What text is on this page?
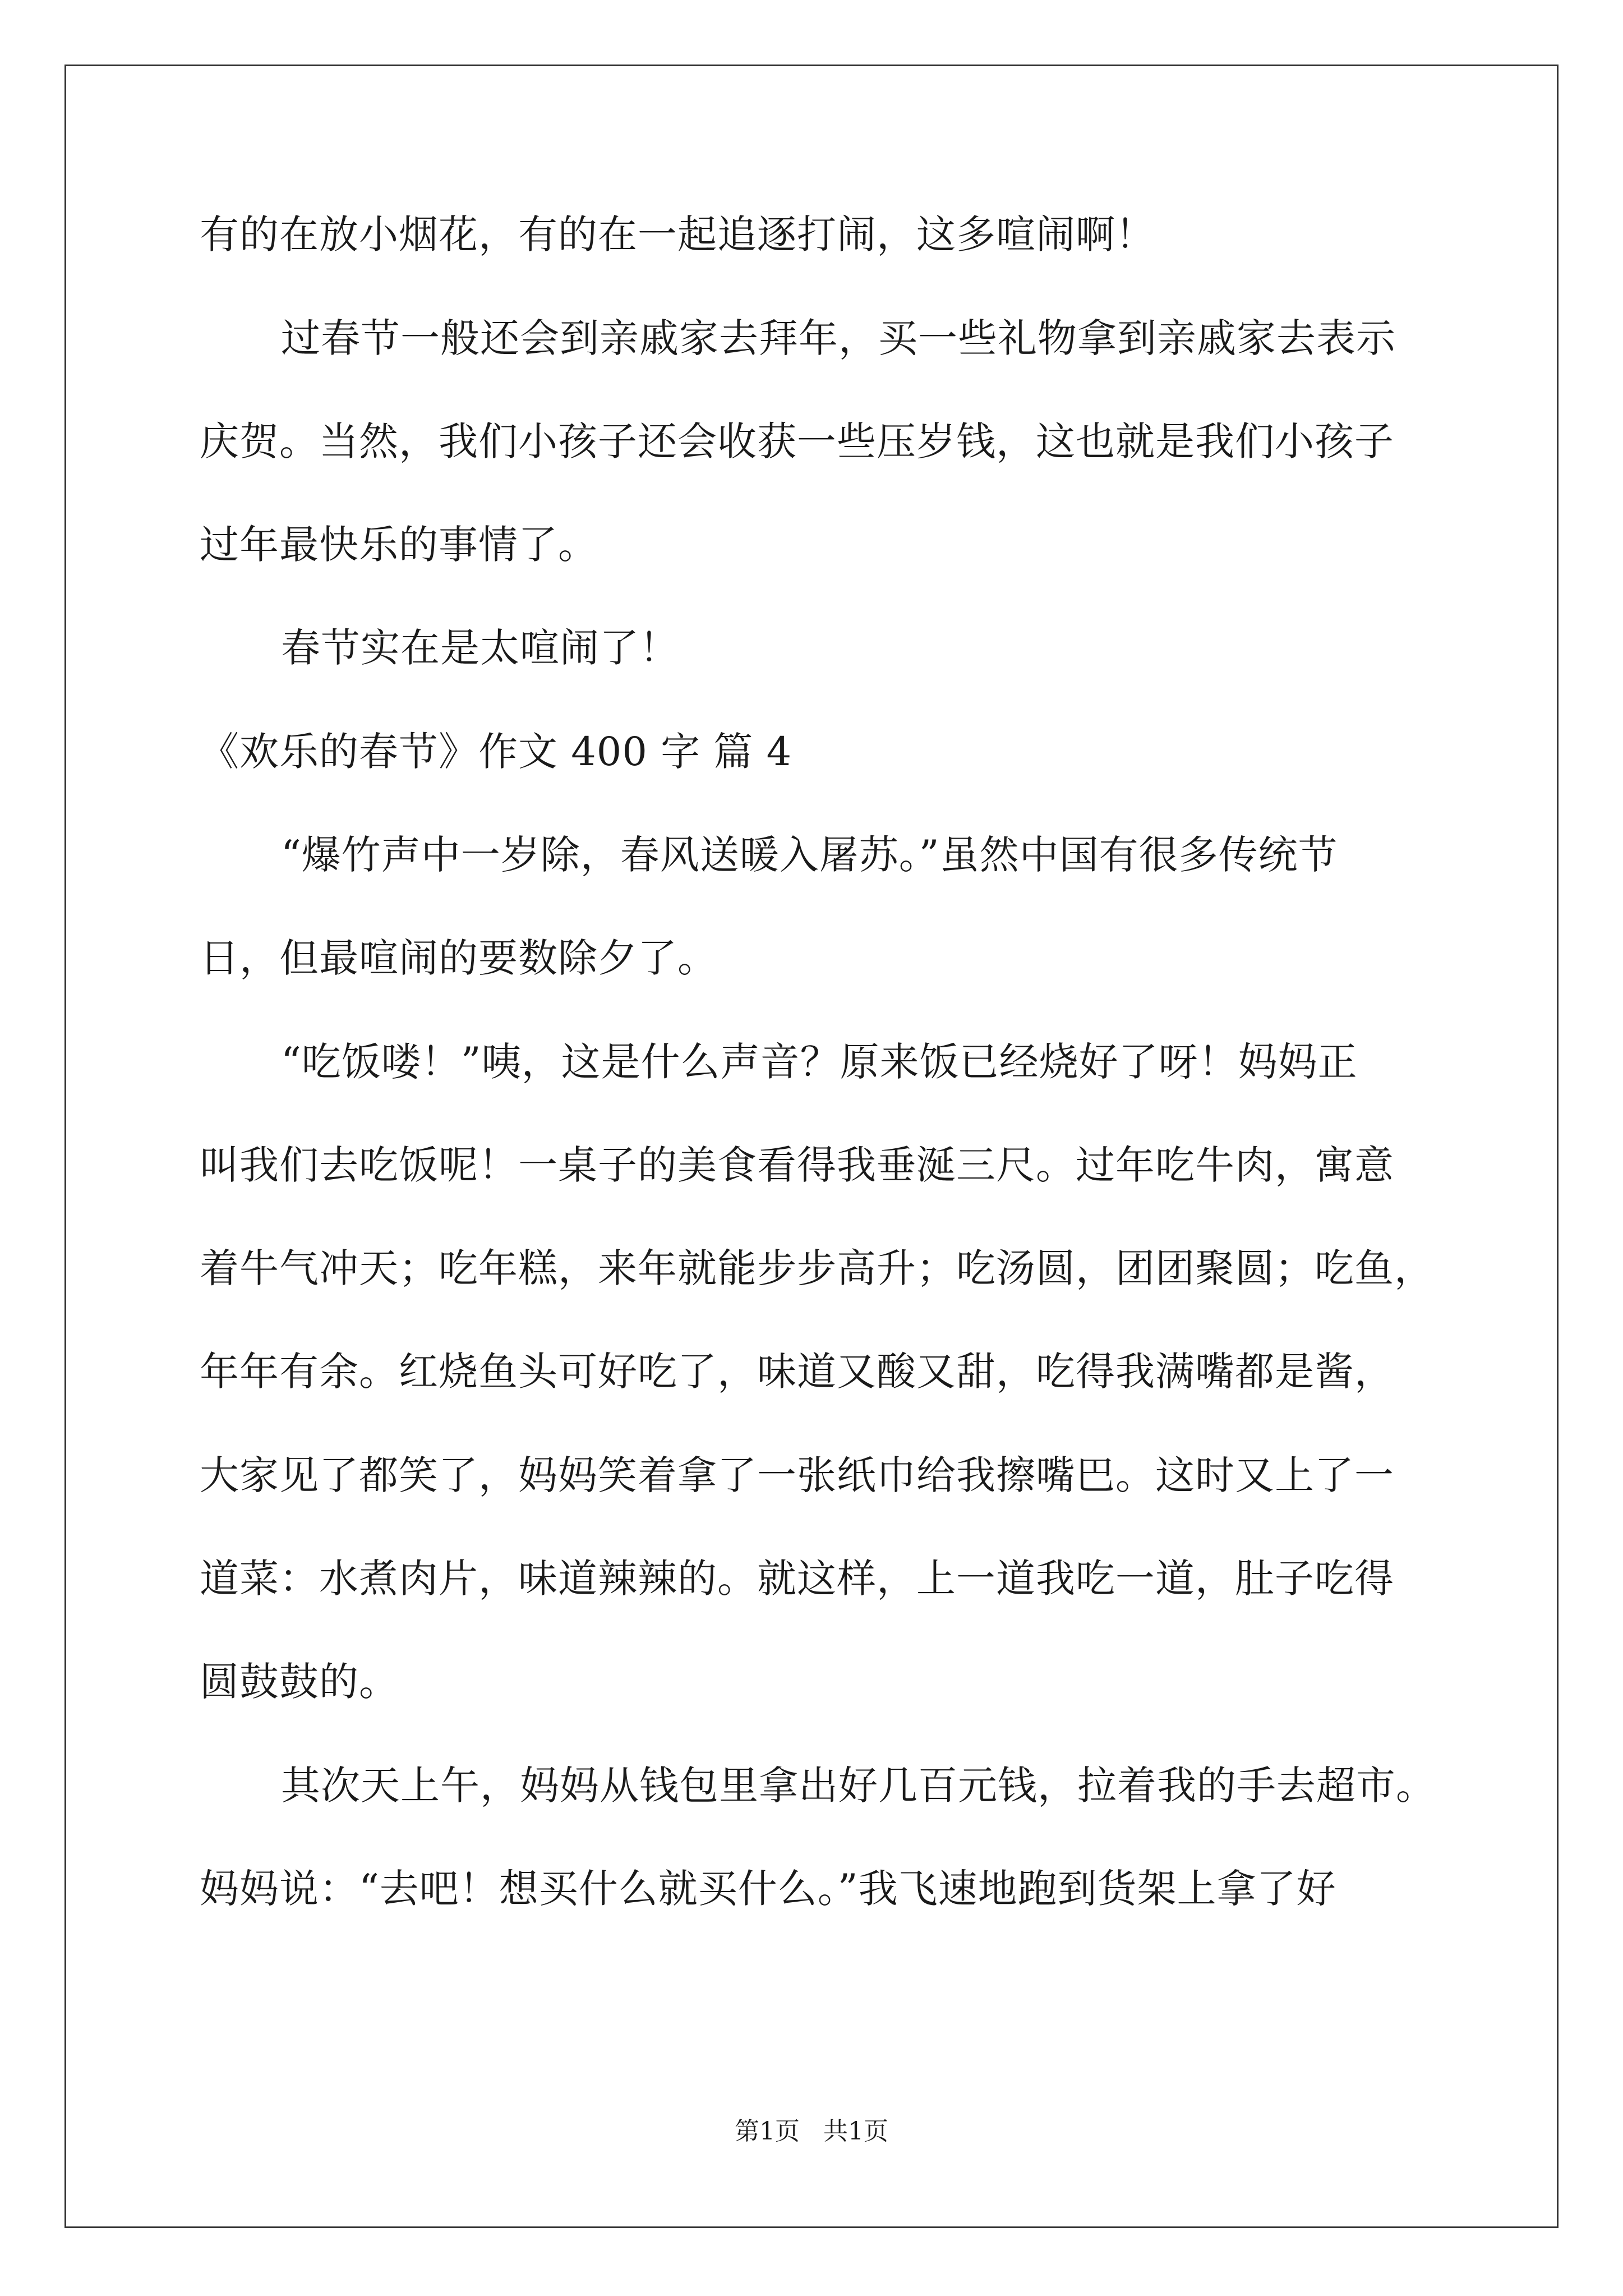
有的在放小烟花，有的在一起追逐打闹，这多喧闹啊！
过春节一般还会到亲戚家去拜年，买一些礼物拿到亲戚家去表示
庆贺。当然，我们小孩子还会收获一些压岁钱，这也就是我们小孩子
过年最快乐的事情了。
春节实在是太喧闹了！
《欢乐的春节》作文 400 字 篇 4
“爆竹声中一岁除，春风送暖入屠苏。”虽然中国有很多传统节
日，但最喧闹的要数除夕了。
“吃饭喽！”咦，这是什么声音？原来饭已经烧好了呀！妈妈正
叫我们去吃饭呢！一桌子的美食看得我垂涎三尺。过年吃牛肉，寓意
着牛气冲天；吃年糕，来年就能步步高升；吃汤圆，团团聚圆；吃鱼，
年年有余。红烧鱼头可好吃了，味道又酸又甜，吃得我满嘴都是酱，
大家见了都笑了，妈妈笑着拿了一张纸巾给我擦嘴巴。这时又上了一
道菜：水煮肉片，味道辣辣的。就这样，上一道我吃一道，肚子吃得
圆鼓鼓的。
其次天上午，妈妈从钱包里拿出好几百元钱，拉着我的手去超市。
妈妈说：“去吧！想买什么就买什么。”我飞速地跑到货架上拿了好
第1页   共1页
